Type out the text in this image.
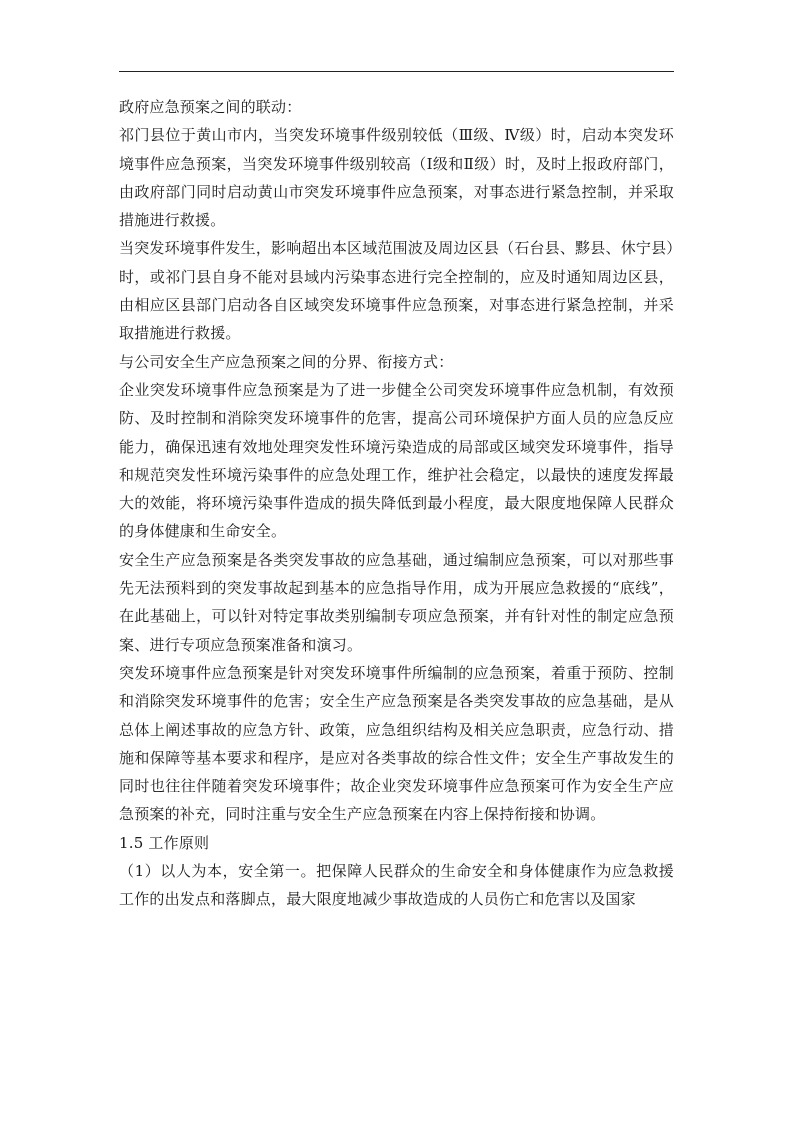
政府应急预案之间的联动：

祁门县位于黄山市内，当突发环境事件级别较低（Ⅲ级、Ⅳ级）时，启动本突发环境事件应急预案，当突发环境事件级别较高（Ⅰ级和Ⅱ级）时，及时上报政府部门，由政府部门同时启动黄山市突发环境事件应急预案，对事态进行紧急控制，并采取措施进行救援。

当突发环境事件发生，影响超出本区域范围波及周边区县（石台县、黟县、休宁县）时，或祁门县自身不能对县域内污染事态进行完全控制的，应及时通知周边区县，由相应区县部门启动各自区域突发环境事件应急预案，对事态进行紧急控制，并采取措施进行救援。

与公司安全生产应急预案之间的分界、衔接方式：

企业突发环境事件应急预案是为了进一步健全公司突发环境事件应急机制，有效预防、及时控制和消除突发环境事件的危害，提高公司环境保护方面人员的应急反应能力，确保迅速有效地处理突发性环境污染造成的局部或区域突发环境事件，指导和规范突发性环境污染事件的应急处理工作，维护社会稳定，以最快的速度发挥最大的效能，将环境污染事件造成的损失降低到最小程度，最大限度地保障人民群众的身体健康和生命安全。

安全生产应急预案是各类突发事故的应急基础，通过编制应急预案，可以对那些事先无法预料到的突发事故起到基本的应急指导作用，成为开展应急救援的“底线”，在此基础上，可以针对特定事故类别编制专项应急预案，并有针对性的制定应急预案、进行专项应急预案准备和演习。

突发环境事件应急预案是针对突发环境事件所编制的应急预案，着重于预防、控制和消除突发环境事件的危害；安全生产应急预案是各类突发事故的应急基础，是从总体上阐述事故的应急方针、政策，应急组织结构及相关应急职责，应急行动、措施和保障等基本要求和程序，是应对各类事故的综合性文件；安全生产事故发生的同时也往往伴随着突发环境事件；故企业突发环境事件应急预案可作为安全生产应急预案的补充，同时注重与安全生产应急预案在内容上保持衔接和协调。

1.5 工作原则

（1）以人为本，安全第一。把保障人民群众的生命安全和身体健康作为应急救援工作的出发点和落脚点，最大限度地减少事故造成的人员伤亡和危害以及国家
